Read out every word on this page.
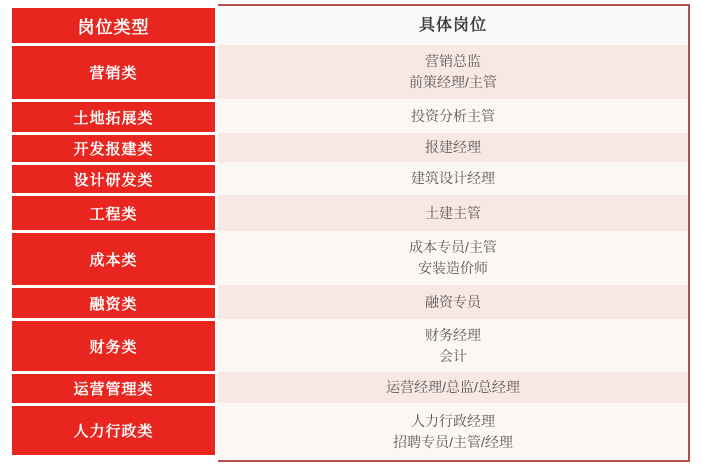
岗位类型
营销类
土地拓展类
开发报建类
设计研发类
工程类
成本类
融资类
财务类
运营管理类
人力行政类
具体岗位
营销总监
前策经理/主管
投资分析主管
报建经理
建筑设计经理
土建主管
成本专员/主管
安装造价师
融资专员
财务经理
会计
运营经理/总监/总经理
人力行政经理
招聘专员/主管/经理
